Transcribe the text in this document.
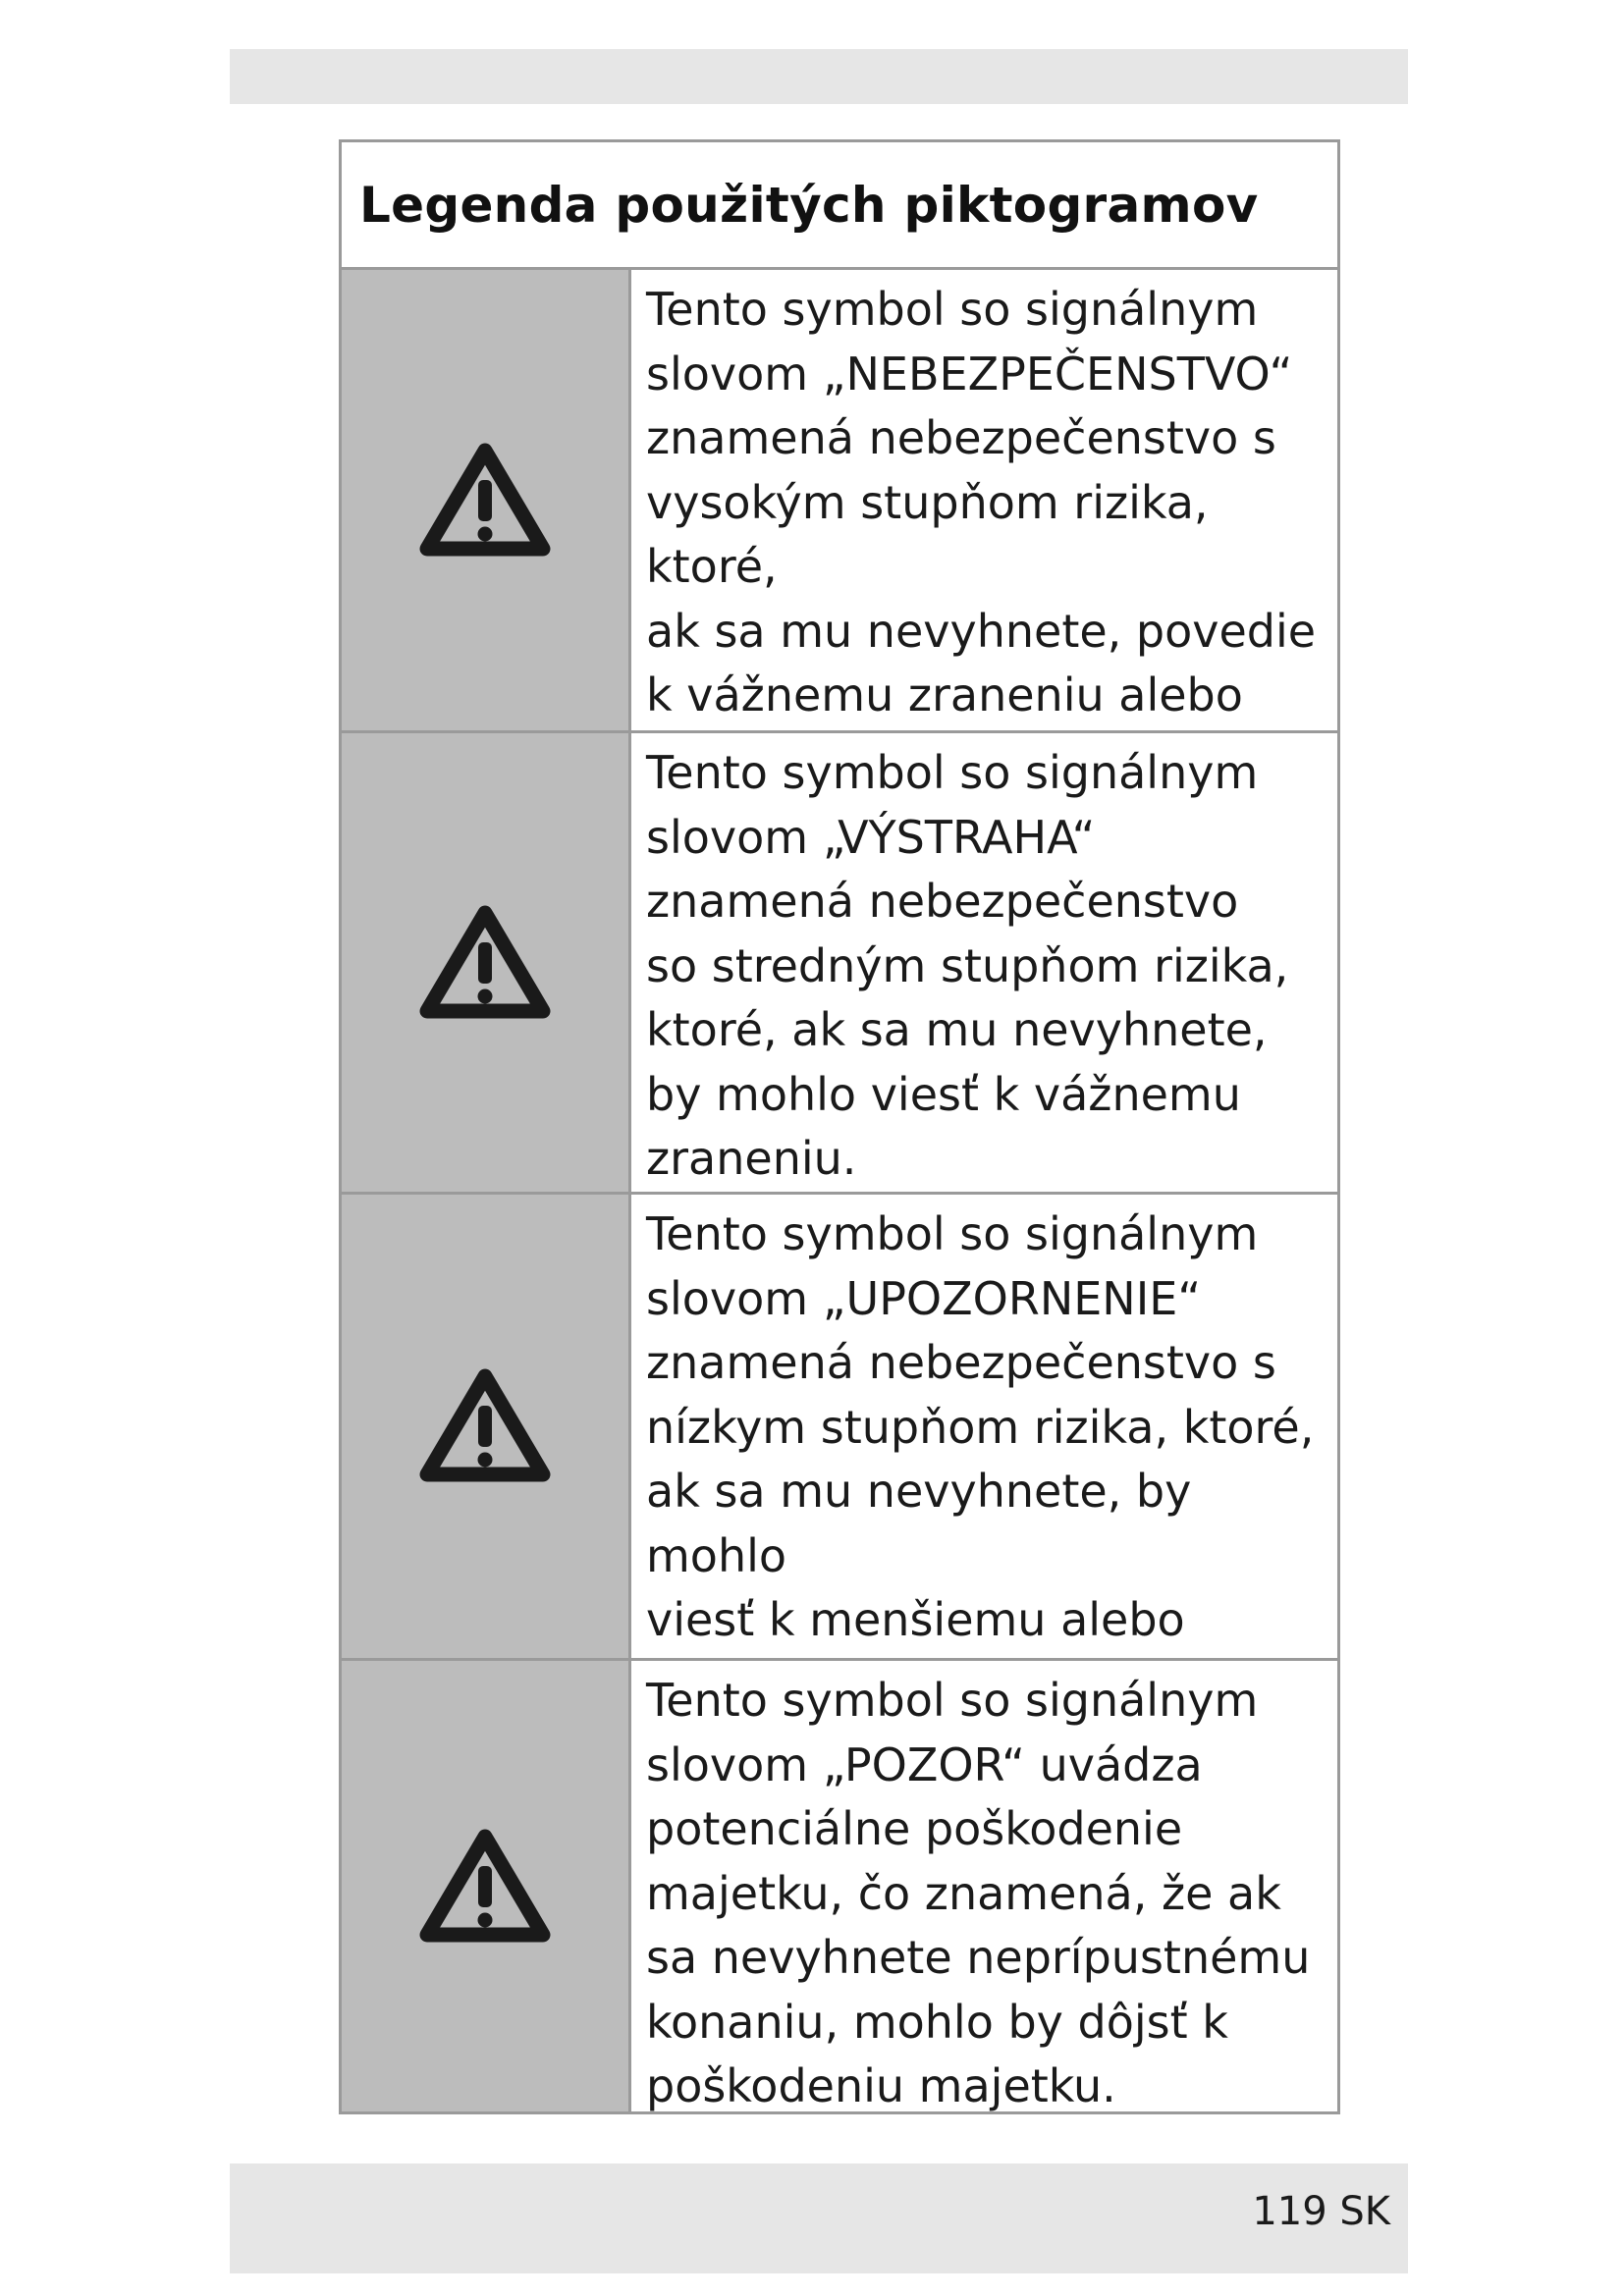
Legenda použitých piktogramov
Tento symbol so signálnym
slovom „NEBEZPEČENSTVO“
znamená nebezpečenstvo s
vysokým stupňom rizika, ktoré,
ak sa mu nevyhnete, povedie
k vážnemu zraneniu alebo

Tento symbol so signálnym
slovom „VÝSTRAHA“
znamená nebezpečenstvo
so stredným stupňom rizika,
ktoré, ak sa mu nevyhnete,
by mohlo viesť k vážnemu
zraneniu.
Tento symbol so signálnym
slovom „UPOZORNENIE“
znamená nebezpečenstvo s
nízkym stupňom rizika, ktoré,
ak sa mu nevyhnete, by mohlo
viesť k menšiemu alebo

Tento symbol so signálnym
slovom „POZOR“ uvádza
potenciálne poškodenie
majetku, čo znamená, že ak
sa nevyhnete neprípustnému
konaniu, mohlo by dôjsť k
poškodeniu majetku.
119 SK
